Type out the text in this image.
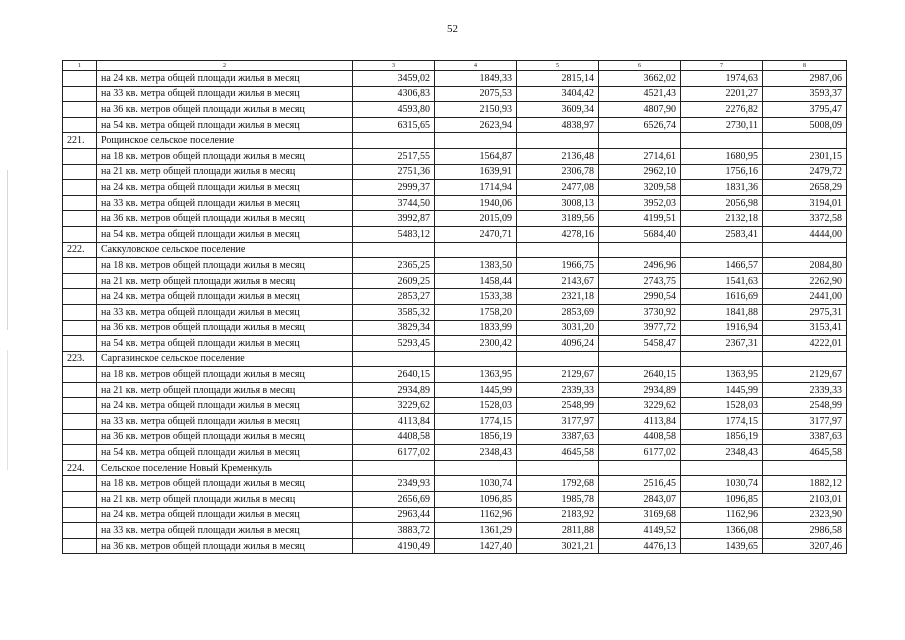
52
1	2	3	4	5	6	7	8
	на 24 кв. метра общей площади жилья в месяц	3459,02	1849,33	2815,14	3662,02	1974,63	2987,06
	на 33 кв. метра общей площади жилья в месяц	4306,83	2075,53	3404,42	4521,43	2201,27	3593,37
	на 36 кв. метров общей площади жилья в месяц	4593,80	2150,93	3609,34	4807,90	2276,82	3795,47
	на 54 кв. метра общей площади жилья в месяц	6315,65	2623,94	4838,97	6526,74	2730,11	5008,09
221.	Рощинское сельское поселение						
	на 18 кв. метров общей площади жилья в месяц	2517,55	1564,87	2136,48	2714,61	1680,95	2301,15
	на 21 кв. метр общей площади жилья в месяц	2751,36	1639,91	2306,78	2962,10	1756,16	2479,72
	на 24 кв. метра общей площади жилья в месяц	2999,37	1714,94	2477,08	3209,58	1831,36	2658,29
	на 33 кв. метра общей площади жилья в месяц	3744,50	1940,06	3008,13	3952,03	2056,98	3194,01
	на 36 кв. метров общей площади жилья в месяц	3992,87	2015,09	3189,56	4199,51	2132,18	3372,58
	на 54 кв. метра общей площади жилья в месяц	5483,12	2470,71	4278,16	5684,40	2583,41	4444,00
222.	Саккуловское сельское поселение						
	на 18 кв. метров общей площади жилья в месяц	2365,25	1383,50	1966,75	2496,96	1466,57	2084,80
	на 21 кв. метр общей площади жилья в месяц	2609,25	1458,44	2143,67	2743,75	1541,63	2262,90
	на 24 кв. метра общей площади жилья в месяц	2853,27	1533,38	2321,18	2990,54	1616,69	2441,00
	на 33 кв. метра общей площади жилья в месяц	3585,32	1758,20	2853,69	3730,92	1841,88	2975,31
	на 36 кв. метров общей площади жилья в месяц	3829,34	1833,99	3031,20	3977,72	1916,94	3153,41
	на 54 кв. метра общей площади жилья в месяц	5293,45	2300,42	4096,24	5458,47	2367,31	4222,01
223.	Саргазинское сельское поселение						
	на 18 кв. метров общей площади жилья в месяц	2640,15	1363,95	2129,67	2640,15	1363,95	2129,67
	на 21 кв. метр общей площади жилья в месяц	2934,89	1445,99	2339,33	2934,89	1445,99	2339,33
	на 24 кв. метра общей площади жилья в месяц	3229,62	1528,03	2548,99	3229,62	1528,03	2548,99
	на 33 кв. метра общей площади жилья в месяц	4113,84	1774,15	3177,97	4113,84	1774,15	3177,97
	на 36 кв. метров общей площади жилья в месяц	4408,58	1856,19	3387,63	4408,58	1856,19	3387,63
	на 54 кв. метра общей площади жилья в месяц	6177,02	2348,43	4645,58	6177,02	2348,43	4645,58
224.	Сельское поселение Новый Кременкуль						
	на 18 кв. метров общей площади жилья в месяц	2349,93	1030,74	1792,68	2516,45	1030,74	1882,12
	на 21 кв. метр общей площади жилья в месяц	2656,69	1096,85	1985,78	2843,07	1096,85	2103,01
	на 24 кв. метра общей площади жилья в месяц	2963,44	1162,96	2183,92	3169,68	1162,96	2323,90
	на 33 кв. метра общей площади жилья в месяц	3883,72	1361,29	2811,88	4149,52	1366,08	2986,58
	на 36 кв. метров общей площади жилья в месяц	4190,49	1427,40	3021,21	4476,13	1439,65	3207,46
